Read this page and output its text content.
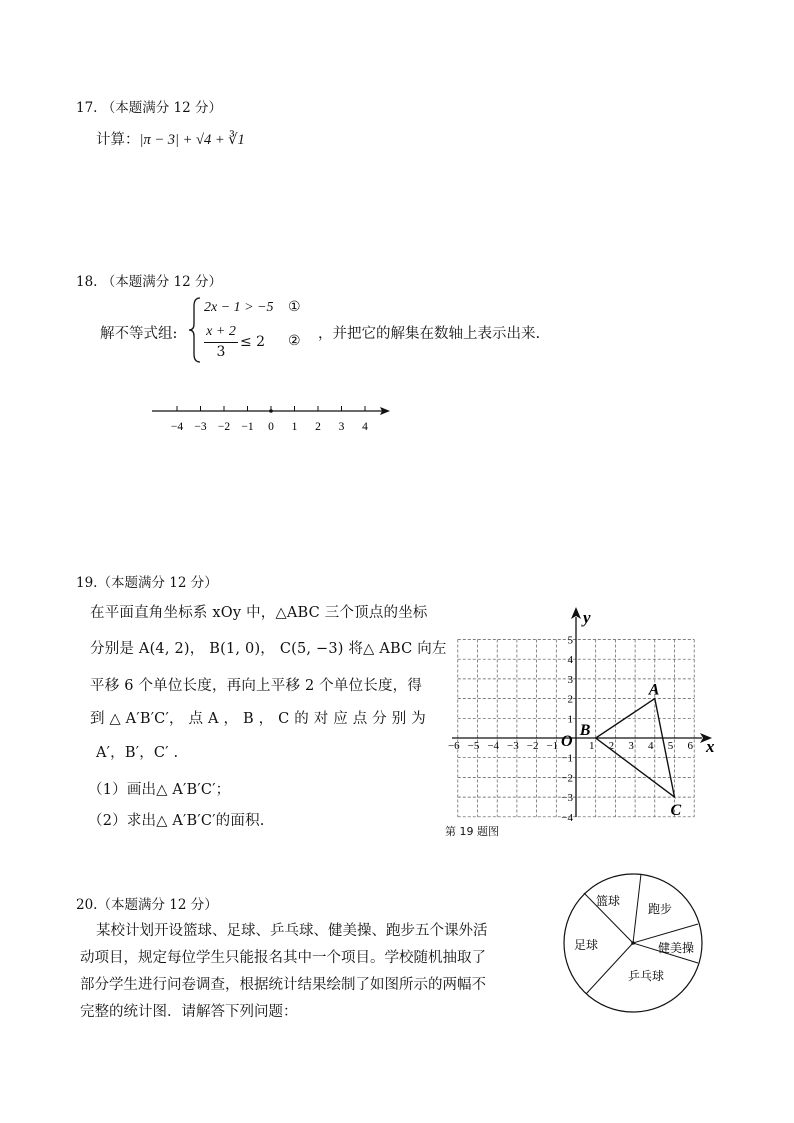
17. （本题满分 12 分）
计算：|π − 3| + √4 + ∛1
18. （本题满分 12 分）
解不等式组:
2x − 1 > −5 ①
x + 2
3
≤ 2 ② ，并把它的解集在数轴上表示出来.
−4 −3 −2 −1 0 1 2 3 4
19.（本题满分 12 分）
在平面直角坐标系 xOy 中，△ABC 三个顶点的坐标
分别是 A(4, 2)， B(1, 0)， C(5, −3) 将△ ABC 向左
平移 6 个单位长度，再向上平移 2 个单位长度，得
到 △ A′B′C′， 点 A ， B ， C 的 对 应 点 分 别 为
A′，B′，C′ .
（1）画出△ A′B′C′；
（2）求出△ A′B′C′的面积.
−6 −5 −4 −3 −2 −1	1 2 3 4 5 6
5
4
3
2
1
−1
−2
−3
−4
A
B
C
x
y
O
第 19 题图
20.（本题满分 12 分）
某校计划开设篮球、足球、乒乓球、健美操、跑步五个课外活
动项目，规定每位学生只能报名其中一个项目。学校随机抽取了
部分学生进行问卷调查，根据统计结果绘制了如图所示的两幅不
完整的统计图．请解答下列问题：
篮球
跑步
健美操
乒乓球
足球
